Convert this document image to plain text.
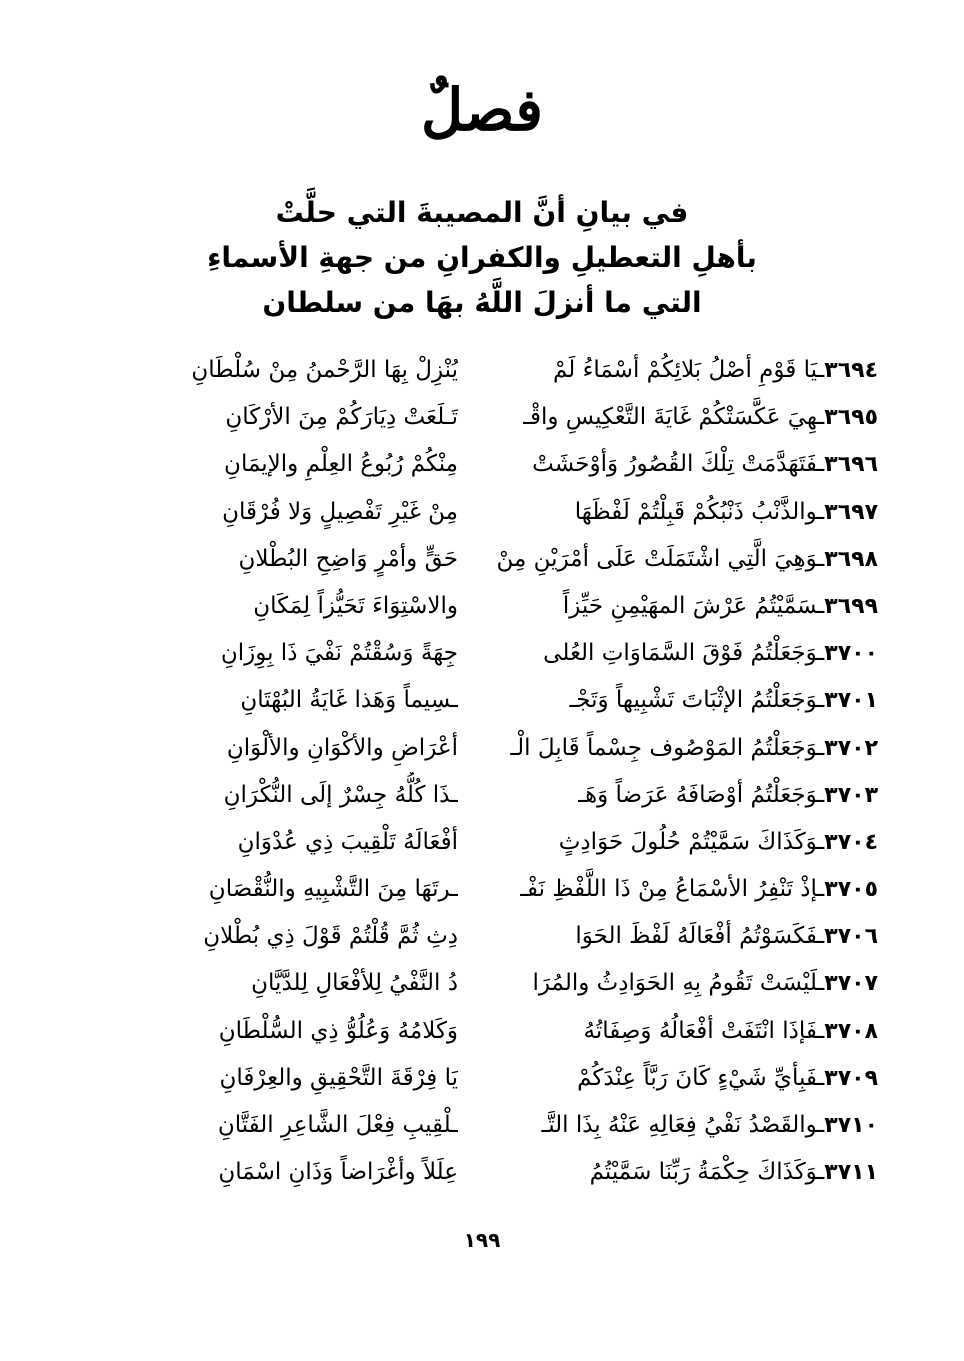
فصلٌ
في بيانِ أنَّ المصيبةَ التي حلَّتْ
بأهلِ التعطيلِ والكفرانِ من جهةِ الأسماءِ
التي ما أنزلَ اللَّهُ بهَا من سلطان
٣٦٩٤ـيَا قَوْمِ أصْلُ بَلائِكُمْ أسْمَاءُ لَمْ
يُنْزِلْ بِهَا الرَّحْمنُ مِنْ سُلْطَانِ
٣٦٩٥ـهِيَ عَكَّسَتْكُمْ غَايَةَ التَّعْكِيسِ واقْـ
تَـلَعَتْ دِيَارَكُمْ مِنَ الأرْكَانِ
٣٦٩٦ـفَتَهَدَّمَتْ تِلْكَ القُصُورُ وَأوْحَشَتْ
مِنْكُمْ رُبُوعُ العِلْمِ والإيمَانِ
٣٦٩٧ـوالذَّنْبُ ذَنْبُكُمْ قَبِلْتُمْ لَفْظَهَا
مِنْ غَيْرِ تَفْصِيلٍ وَلا فُرْقَانِ
٣٦٩٨ـوَهِيَ الَّتِي اشْتَمَلَتْ عَلَى أمْرَيْنِ مِنْ
حَقٍّ وأمْرٍ وَاضِحِ البُطْلانِ
٣٦٩٩ـسَمَّيْتُمُ عَرْشَ المهَيْمِنِ حَيِّزاً
والاسْتِوَاءَ تَحَيُّزاً لِمَكَانِ
٣٧٠٠ـوَجَعَلْتُمُ فَوْقَ السَّمَاوَاتِ العُلى
جِهَةً وَسُقْتُمْ نَفْيَ ذَا بِوِزَانِ
٣٧٠١ـوَجَعَلْتُمُ الإثْبَاتَ تَشْبِيهاً وَتَجْـ
ـسِيماً وَهَذا غَايَةُ البُهْتَانِ
٣٧٠٢ـوَجَعَلْتُمُ المَوْصُوف جِسْماً قَابِلَ الْـ
أعْرَاضِ والأكْوَانِ والألْوَانِ
٣٧٠٣ـوَجَعَلْتُمُ أوْصَافَهُ عَرَضاً وَهَـ
ـذَا كُلُّهُ جِسْرٌ إلَى النُّكْرَانِ
٣٧٠٤ـوَكَذَاكَ سَمَّيْتُمْ حُلُولَ حَوَادِثٍ
أفْعَالَهُ تَلْقِيبَ ذِي عُدْوَانِ
٣٧٠٥ـإذْ تَنْفِرُ الأسْمَاعُ مِنْ ذَا اللَّفْظِ نَفْـ
ـرتَهَا مِنَ التَّشْبِيهِ والنُّقْصَانِ
٣٧٠٦ـفَكَسَوْتُمُ أفْعَالَهُ لَفْظَ الحَوَا
دِثِ ثُمَّ قُلْتُمْ قَوْلَ ذِي بُطْلانِ
٣٧٠٧ـلَيْسَتْ تَقُومُ بِهِ الحَوَادِثُ والمُرَا
دُ النَّفْيُ لِلأفْعَالِ لِلدَّيَّانِ
٣٧٠٨ـفَإذَا انْتَفَتْ أفْعَالُهُ وَصِفَاتُهُ
وَكَلامُهُ وَعُلُوُّ ذِي السُّلْطَانِ
٣٧٠٩ـفَبِأيِّ شَيْءٍ كَانَ رَبَّاً عِنْدَكُمْ
يَا فِرْقَةَ التَّحْقِيقِ والعِرْفَانِ
٣٧١٠ـوالقَصْدُ نَفْيُ فِعَالِهِ عَنْهُ بِذَا التَّـ
ـلْقِيبِ فِعْلَ الشَّاعِرِ الفَتَّانِ
٣٧١١ـوَكَذَاكَ حِكْمَةُ رَبِّنَا سَمَّيْتُمُ
عِلَلاً وأغْرَاضاً وَذَانِ اسْمَانِ
١٩٩
